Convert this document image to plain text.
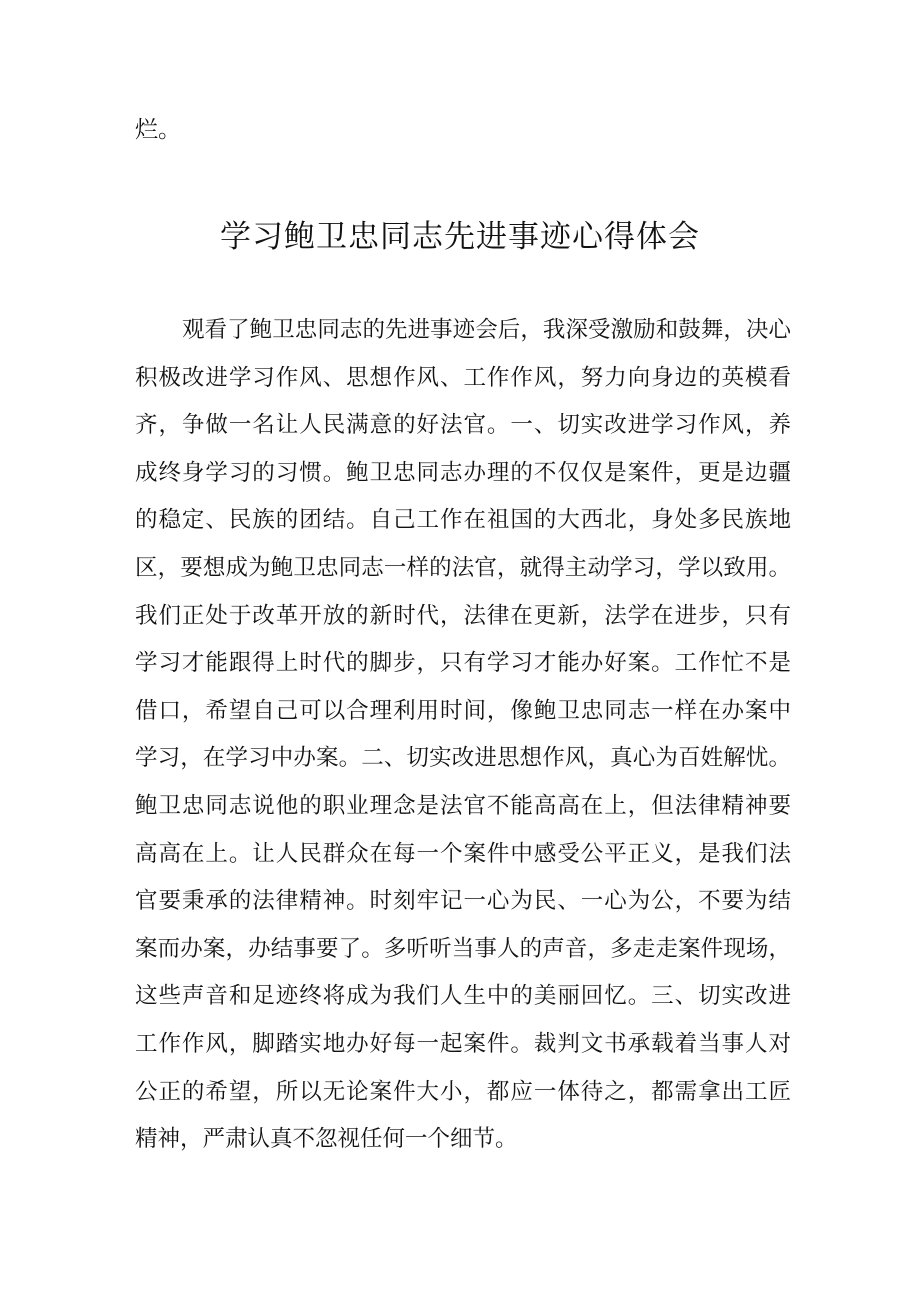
烂。
学习鲍卫忠同志先进事迹心得体会
观看了鲍卫忠同志的先进事迹会后，我深受激励和鼓舞，决心
积极改进学习作风、思想作风、工作作风，努力向身边的英模看
齐，争做一名让人民满意的好法官。一、切实改进学习作风，养
成终身学习的习惯。鲍卫忠同志办理的不仅仅是案件，更是边疆
的稳定、民族的团结。自己工作在祖国的大西北，身处多民族地
区，要想成为鲍卫忠同志一样的法官，就得主动学习，学以致用。
我们正处于改革开放的新时代，法律在更新，法学在进步，只有
学习才能跟得上时代的脚步，只有学习才能办好案。工作忙不是
借口，希望自己可以合理利用时间，像鲍卫忠同志一样在办案中
学习，在学习中办案。二、切实改进思想作风，真心为百姓解忧。
鲍卫忠同志说他的职业理念是法官不能高高在上，但法律精神要
高高在上。让人民群众在每一个案件中感受公平正义，是我们法
官要秉承的法律精神。时刻牢记一心为民、一心为公，不要为结
案而办案，办结事要了。多听听当事人的声音，多走走案件现场，
这些声音和足迹终将成为我们人生中的美丽回忆。三、切实改进
工作作风，脚踏实地办好每一起案件。裁判文书承载着当事人对
公正的希望，所以无论案件大小，都应一体待之，都需拿出工匠
精神，严肃认真不忽视任何一个细节。
